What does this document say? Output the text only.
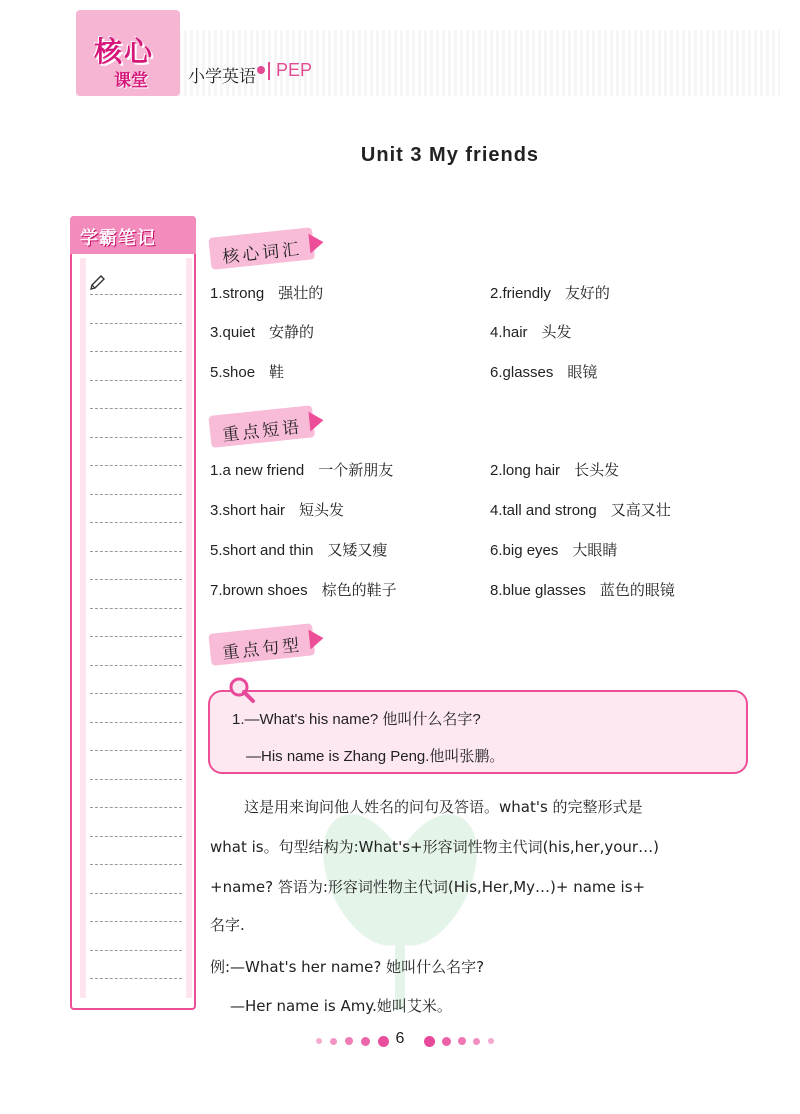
核心
课堂 小学英语 PEP
Unit 3 My friends
学霸笔记
核心词汇
1.strong 强壮的	2.friendly 友好的
3.quiet 安静的	4.hair 头发
5.shoe 鞋	6.glasses 眼镜
重点短语
1.a new friend 一个新朋友	2.long hair 长头发
3.short hair 短头发	4.tall and strong 又高又壮
5.short and thin 又矮又瘦	6.big eyes 大眼睛
7.brown shoes 棕色的鞋子	8.blue glasses 蓝色的眼镜
重点句型
1.—What's his name? 他叫什么名字?
—His name is Zhang Peng.他叫张鹏。
这是用来询问他人姓名的问句及答语。what's 的完整形式是
what is。句型结构为:What's+形容词性物主代词(his,her,your…)
+name? 答语为:形容词性物主代词(His,Her,My…)+ name is+
名字.
例:—What's her name? 她叫什么名字?
—Her name is Amy.她叫艾米。
6
